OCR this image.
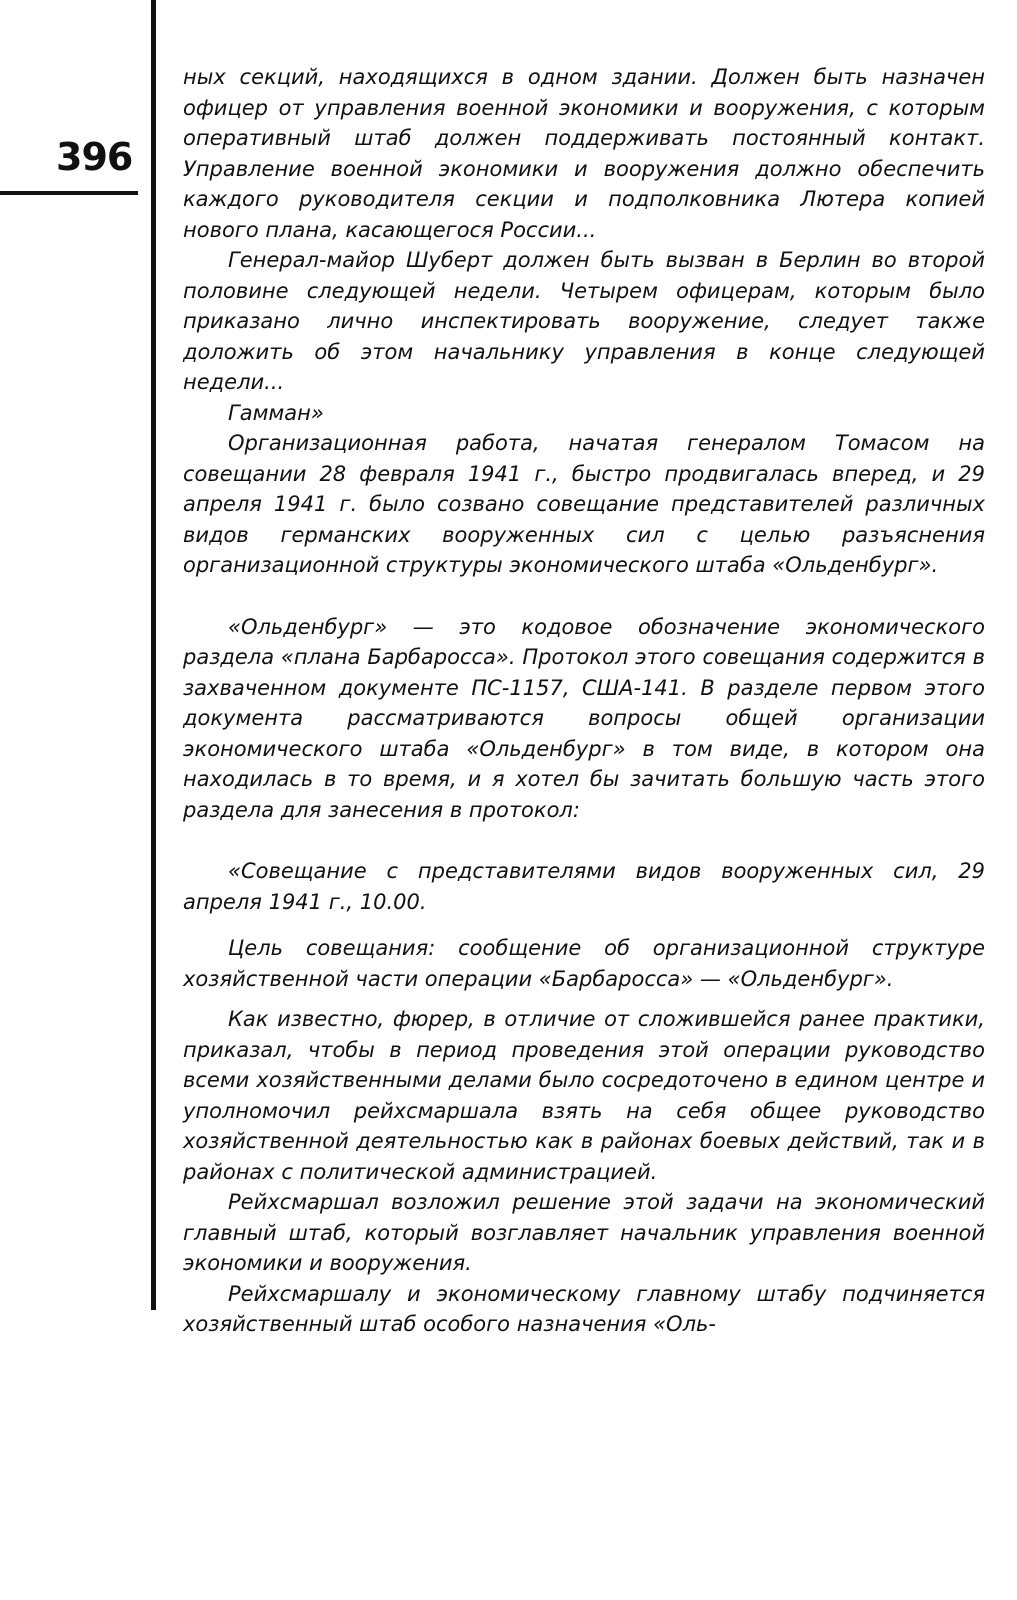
396

ных секций, находящихся в одном здании. Должен быть назначен офицер от управления военной экономики и вооружения, с которым оперативный штаб должен поддерживать постоянный контакт. Управление военной экономики и вооружения должно обеспечить каждого руководителя секции и подполковника Лютера копией нового плана, касающегося России...

Генерал-майор Шуберт должен быть вызван в Берлин во второй половине следующей недели. Четырем офицерам, которым было приказано лично инспектировать вооружение, следует также доложить об этом начальнику управления в конце следующей недели...

Гамман»

Организационная работа, начатая генералом Томасом на совещании 28 февраля 1941 г., быстро продвигалась вперед, и 29 апреля 1941 г. было созвано совещание представителей различных видов германских вооруженных сил с целью разъяснения организационной структуры экономического штаба «Ольденбург».

«Ольденбург» — это кодовое обозначение экономического раздела «плана Барбаросса». Протокол этого совещания содержится в захваченном документе ПС-1157, США-141. В разделе первом этого документа рассматриваются вопросы общей организации экономического штаба «Ольденбург» в том виде, в котором она находилась в то время, и я хотел бы зачитать большую часть этого раздела для занесения в протокол:

«Совещание с представителями видов вооруженных сил, 29 апреля 1941 г., 10.00.

Цель совещания: сообщение об организационной структуре хозяйственной части операции «Барбаросса» — «Ольденбург».

Как известно, фюрер, в отличие от сложившейся ранее практики, приказал, чтобы в период проведения этой операции руководство всеми хозяйственными делами было сосредоточено в едином центре и уполномочил рейхсмаршала взять на себя общее руководство хозяйственной деятельностью как в районах боевых действий, так и в районах с политической администрацией.

Рейхсмаршал возложил решение этой задачи на экономический главный штаб, который возглавляет начальник управления военной экономики и вооружения.

Рейхсмаршалу и экономическому главному штабу подчиняется хозяйственный штаб особого назначения «Оль-
